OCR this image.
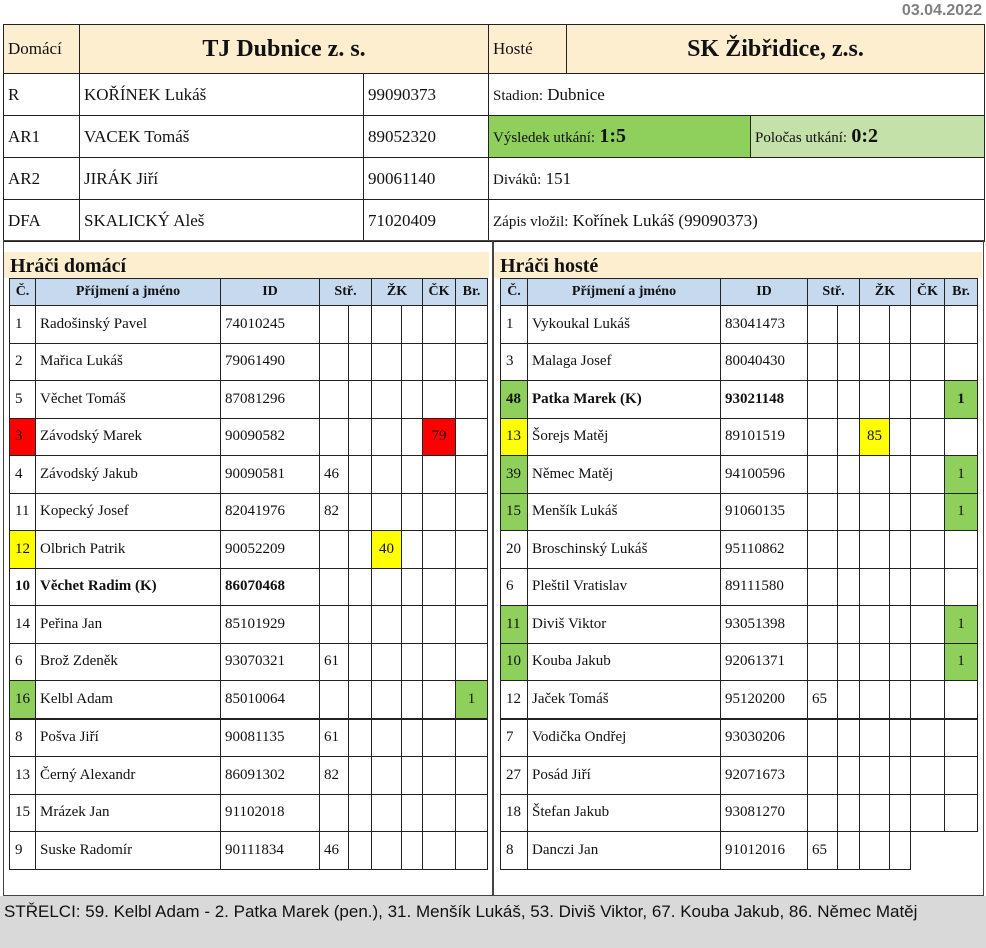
03.04.2022
Domácí	TJ Dubnice z. s.	
R	KOŘÍNEK Lukáš	99090373
AR1	VACEK Tomáš	89052320
AR2	JIRÁK Jiří	90061140
DFA	SKALICKÝ Aleš	71020409
Hosté	SK Žibřidice, z.s.	
Stadion: Dubnice		
Výsledek utkání: 1:5		Poločas utkání: 0:2
Diváků: 151		
Zápis vložil: Kořínek Lukáš (99090373)		
Hráči domácí	Hráči hosté
Č.	Příjmení a jméno	ID	Stř.		ŽK		ČK	Br.
1	Radošinský Pavel	74010245						
2	Mařica Lukáš	79061490						
5	Věchet Tomáš	87081296						
3	Závodský Marek	90090582					79	
4	Závodský Jakub	90090581	46					
11	Kopecký Josef	82041976	82					
12	Olbrich Patrik	90052209			40			
10	Věchet Radim (K)	86070468						
14	Peřina Jan	85101929						
6	Brož Zdeněk	93070321	61					
16	Kelbl Adam	85010064						1
8	Pošva Jiří	90081135	61					
13	Černý Alexandr	86091302	82					
15	Mrázek Jan	91102018						
9	Suske Radomír	90111834	46					
Č.	Příjmení a jméno	ID	Stř.		ŽK		ČK	Br.
1	Vykoukal Lukáš	83041473						
3	Malaga Josef	80040430						
48	Patka Marek (K)	93021148						1
13	Šorejs Matěj	89101519			85			
39	Němec Matěj	94100596						1
15	Menšík Lukáš	91060135						1
20	Broschinský Lukáš	95110862						
6	Pleštil Vratislav	89111580						
11	Diviš Viktor	93051398						1
10	Kouba Jakub	92061371						1
12	Jaček Tomáš	95120200	65					
7	Vodička Ondřej	93030206						
27	Posád Jiří	92071673						
18	Štefan Jakub	93081270						
8	Danczi Jan	91012016	65					
STŘELCI: 59. Kelbl Adam - 2. Patka Marek (pen.), 31. Menšík Lukáš, 53. Diviš Viktor, 67. Kouba Jakub, 86. Němec Matěj
